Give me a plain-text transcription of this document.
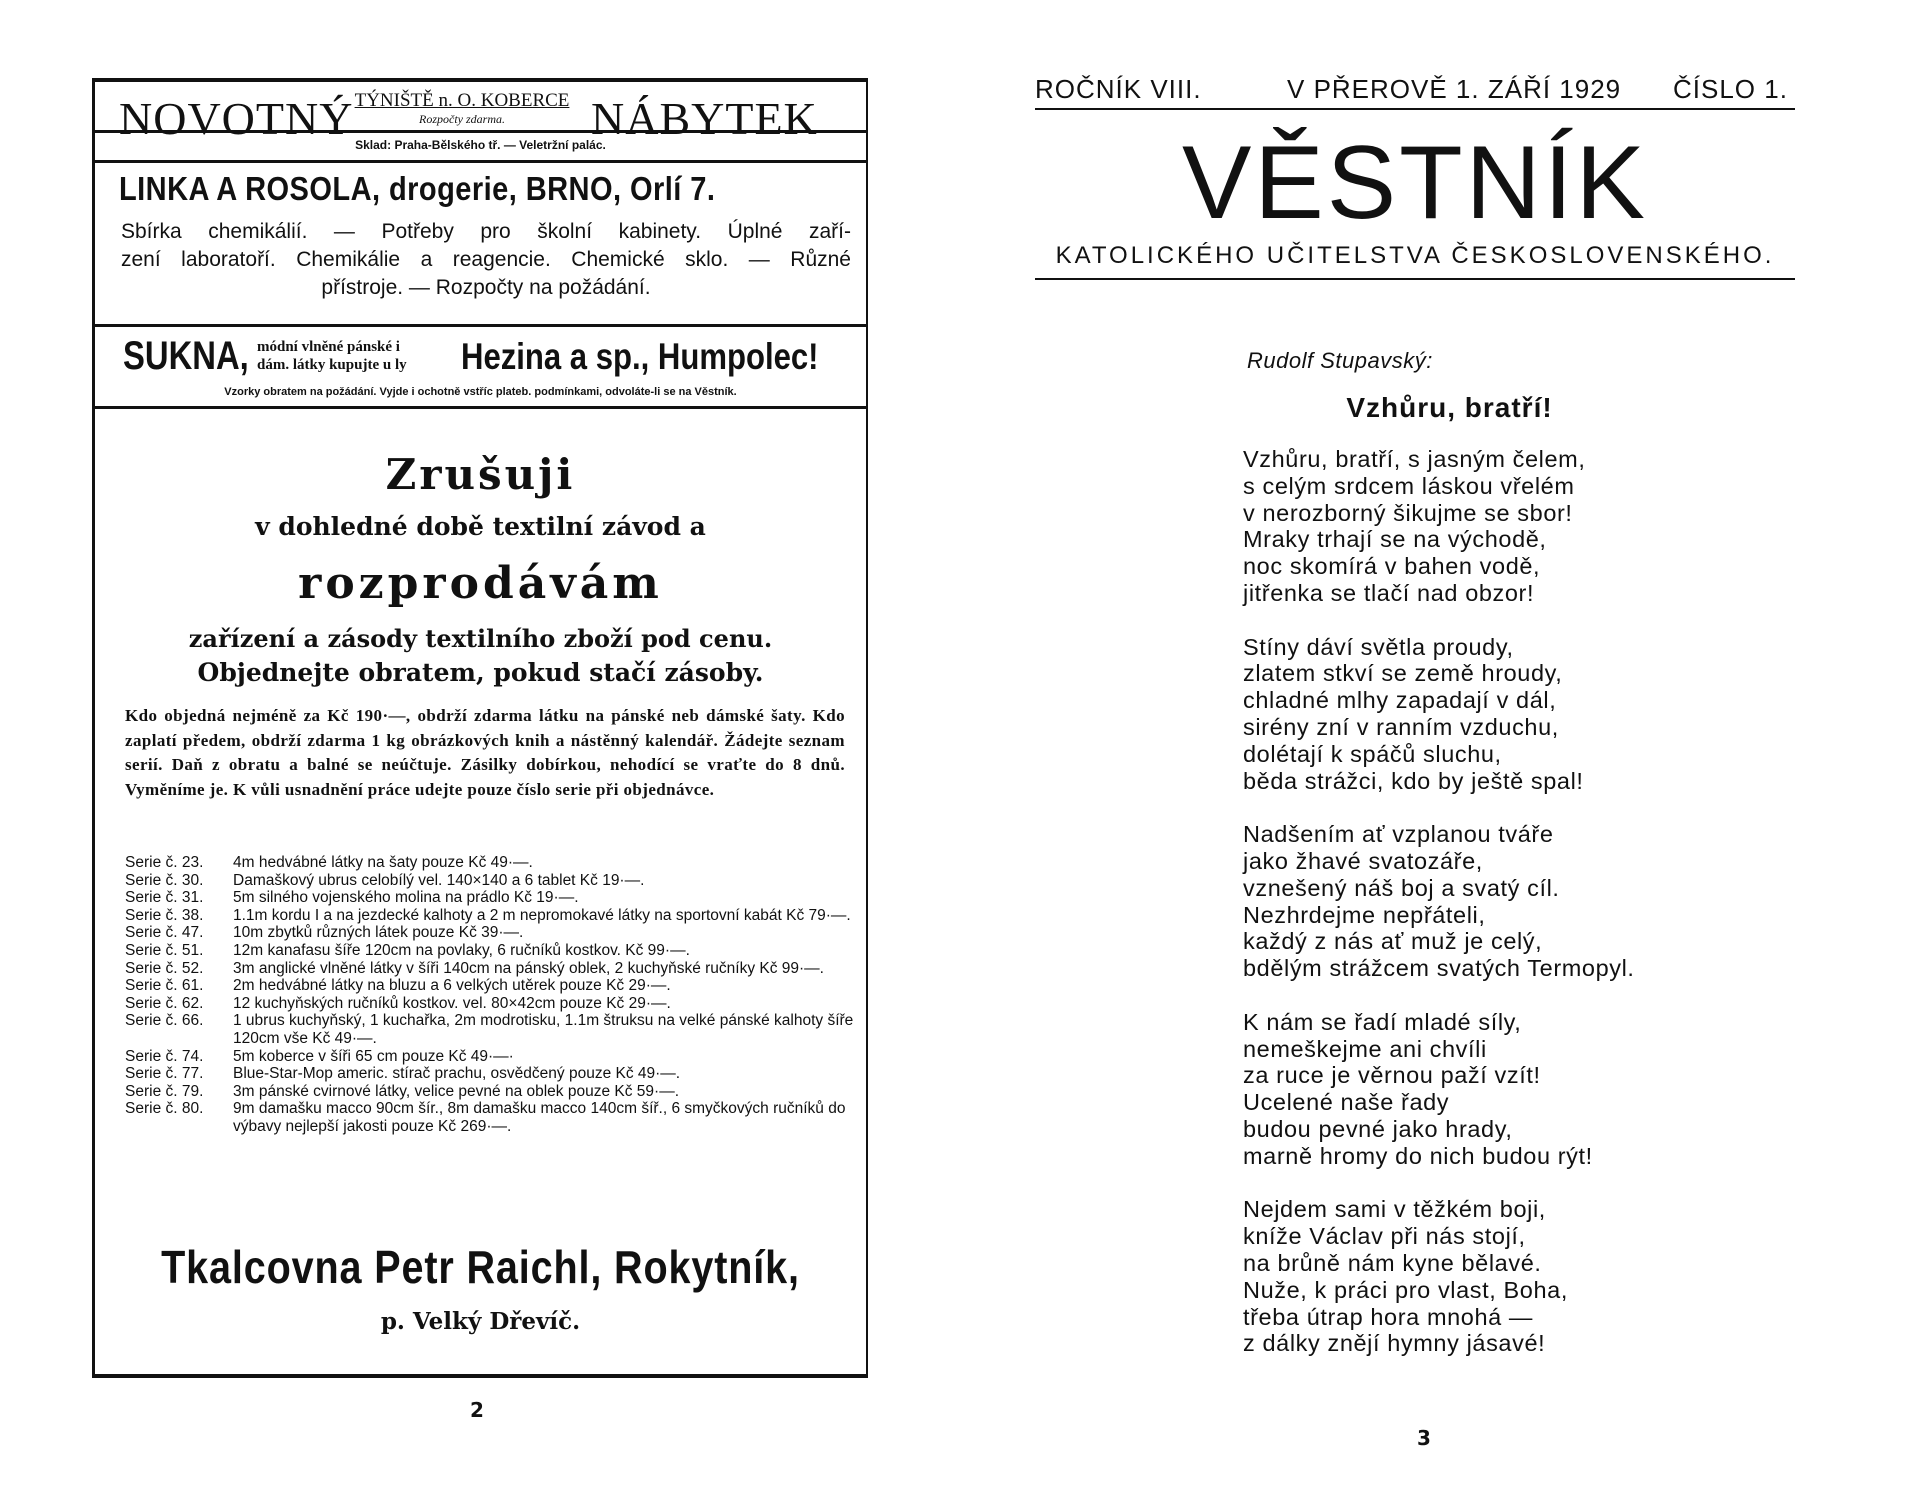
NOVOTNÝ TÝNIŠTĚ n. O. KOBERCE
Rozpočty zdarma.	NÁBYTEK
Sklad: Praha-Bělského tř. — Veletržní palác.
LINKA A ROSOLA, drogerie, BRNO, Orlí 7.
Sbírka chemikálií. — Potřeby pro školní kabinety. Úplné zaří-
zení laboratoří. Chemikálie a reagencie. Chemické sklo. — Různé
přístroje. — Rozpočty na požádání.
SUKNA, módní vlněné pánské i
dám. látky kupujte u ly Hezina a sp., Humpolec!
Vzorky obratem na požádání. Vyjde i ochotně vstříc plateb. podmínkami, odvoláte-li se na Věstník.
Zrušuji
v dohledné době textilní závod a
rozprodávám
zařízení a zásody textilního zboží pod cenu.
Objednejte obratem, pokud stačí zásoby.
Kdo objedná nejméně za Kč 190·—, obdrží zdarma látku na pánské neb dámské šaty. Kdo zaplatí předem, obdrží zdarma 1 kg obrázkových knih a nástěnný kalendář. Žádejte seznam serií. Daň z obratu a balné se neúčtuje. Zásilky dobírkou, nehodící se vraťte do 8 dnů. Vyměníme je. K vůli usnadnění práce udejte pouze číslo serie při objednávce.
Serie č. 23.	4m hedvábné látky na šaty pouze Kč 49·—.
Serie č. 30.	Damaškový ubrus celobílý vel. 140×140 a 6 tablet Kč 19·—.
Serie č. 31.	5m silného vojenského molina na prádlo Kč 19·—.
Serie č. 38.	1.1m kordu I a na jezdecké kalhoty a 2 m nepromokavé látky na sportovní kabát Kč 79·—.
Serie č. 47.	10m zbytků různých látek pouze Kč 39·—.
Serie č. 51.	12m kanafasu šíře 120cm na povlaky, 6 ručníků kostkov. Kč 99·—.
Serie č. 52.	3m anglické vlněné látky v šíři 140cm na pánský oblek, 2 kuchyňské ručníky Kč 99·—.
Serie č. 61.	2m hedvábné látky na bluzu a 6 velkých utěrek pouze Kč 29·—.
Serie č. 62.	12 kuchyňských ručníků kostkov. vel. 80×42cm pouze Kč 29·—.
Serie č. 66.	1 ubrus kuchyňský, 1 kuchařka, 2m modrotisku, 1.1m štruksu na velké pánské kalhoty šíře 120cm vše Kč 49·—.
Serie č. 74.	5m koberce v šíři 65 cm pouze Kč 49·—·
Serie č. 77.	Blue-Star-Mop americ. stírač prachu, osvědčený pouze Kč 49·—.
Serie č. 79.	3m pánské cvirnové látky, velice pevné na oblek pouze Kč 59·—.
Serie č. 80.	9m damašku macco 90cm šír., 8m damašku macco 140cm šíř., 6 smyčkových ručníků do výbavy nejlepší jakosti pouze Kč 269·—.
Tkalcovna Petr Raichl, Rokytník,
p. Velký Dřevíč.
2
ROČNÍK VIII.	V PŘEROVĚ 1. ZÁŘÍ 1929 ČÍSLO 1.
VĚSTNÍK
KATOLICKÉHO UČITELSTVA ČESKOSLOVENSKÉHO.
Rudolf Stupavský:
Vzhůru, bratří!
Vzhůru, bratří, s jasným čelem,
s celým srdcem láskou vřelém
v nerozborný šikujme se sbor!
Mraky trhají se na východě,
noc skomírá v bahen vodě,
jitřenka se tlačí nad obzor!
Stíny dáví světla proudy,
zlatem stkví se země hroudy,
chladné mlhy zapadají v dál,
sirény zní v ranním vzduchu,
dolétají k spáčů sluchu,
běda strážci, kdo by ještě spal!
Nadšením ať vzplanou tváře
jako žhavé svatozáře,
vznešený náš boj a svatý cíl.
Nezhrdejme nepřáteli,
každý z nás ať muž je celý,
bdělým strážcem svatých Termopyl.
K nám se řadí mladé síly,
nemeškejme ani chvíli
za ruce je věrnou paží vzít!
Ucelené naše řady
budou pevné jako hrady,
marně hromy do nich budou rýt!
Nejdem sami v těžkém boji,
kníže Václav při nás stojí,
na brůně nám kyne bělavé.
Nuže, k práci pro vlast, Boha,
třeba útrap hora mnohá —
z dálky znějí hymny jásavé!
3
